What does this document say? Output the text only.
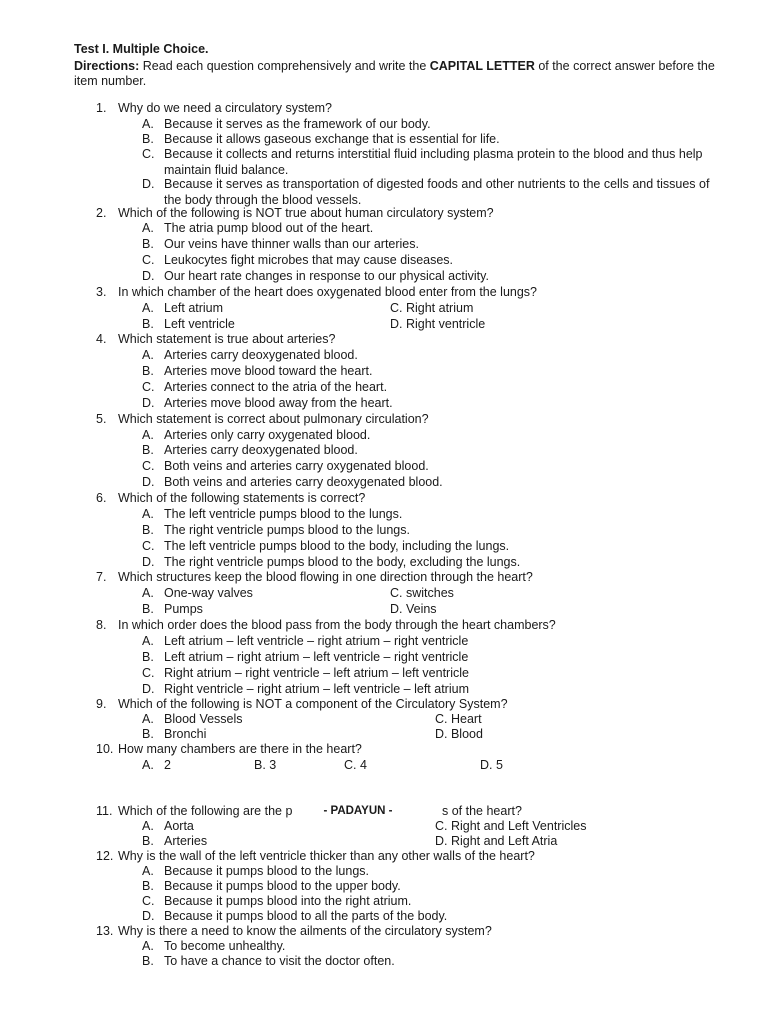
Test I. Multiple Choice.
Directions: Read each question comprehensively and write the CAPITAL LETTER of the correct answer before the item number.
1. Why do we need a circulatory system?
A. Because it serves as the framework of our body.
B. Because it allows gaseous exchange that is essential for life.
C. Because it collects and returns interstitial fluid including plasma protein to the blood and thus help maintain fluid balance.
D. Because it serves as transportation of digested foods and other nutrients to the cells and tissues of the body through the blood vessels.
2. Which of the following is NOT true about human circulatory system?
A. The atria pump blood out of the heart.
B. Our veins have thinner walls than our arteries.
C. Leukocytes fight microbes that may cause diseases.
D. Our heart rate changes in response to our physical activity.
3. In which chamber of the heart does oxygenated blood enter from the lungs?
A. Left atrium
B. Left ventricle
C. Right atrium
D. Right ventricle
4. Which statement is true about arteries?
A. Arteries carry deoxygenated blood.
B. Arteries move blood toward the heart.
C. Arteries connect to the atria of the heart.
D. Arteries move blood away from the heart.
5. Which statement is correct about pulmonary circulation?
A. Arteries only carry oxygenated blood.
B. Arteries carry deoxygenated blood.
C. Both veins and arteries carry oxygenated blood.
D. Both veins and arteries carry deoxygenated blood.
6. Which of the following statements is correct?
A. The left ventricle pumps blood to the lungs.
B. The right ventricle pumps blood to the lungs.
C. The left ventricle pumps blood to the body, including the lungs.
D. The right ventricle pumps blood to the body, excluding the lungs.
7. Which structures keep the blood flowing in one direction through the heart?
A. One-way valves
B. Pumps
C. switches
D. Veins
8. In which order does the blood pass from the body through the heart chambers?
A. Left atrium – left ventricle – right atrium – right ventricle
B. Left atrium – right atrium – left ventricle – right ventricle
C. Right atrium – right ventricle – left atrium – left ventricle
D. Right ventricle – right atrium – left ventricle – left atrium
9. Which of the following is NOT a component of the Circulatory System?
A. Blood Vessels
B. Bronchi
C. Heart
D. Blood
10. How many chambers are there in the heart?
A. 2	B. 3	C. 4	D. 5
11. Which of the following are the p	s of the heart?
- PADAYUN -
A. Aorta
B. Arteries
C. Right and Left Ventricles
D. Right and Left Atria
12. Why is the wall of the left ventricle thicker than any other walls of the heart?
A. Because it pumps blood to the lungs.
B. Because it pumps blood to the upper body.
C. Because it pumps blood into the right atrium.
D. Because it pumps blood to all the parts of the body.
13. Why is there a need to know the ailments of the circulatory system?
A. To become unhealthy.
B. To have a chance to visit the doctor often.
